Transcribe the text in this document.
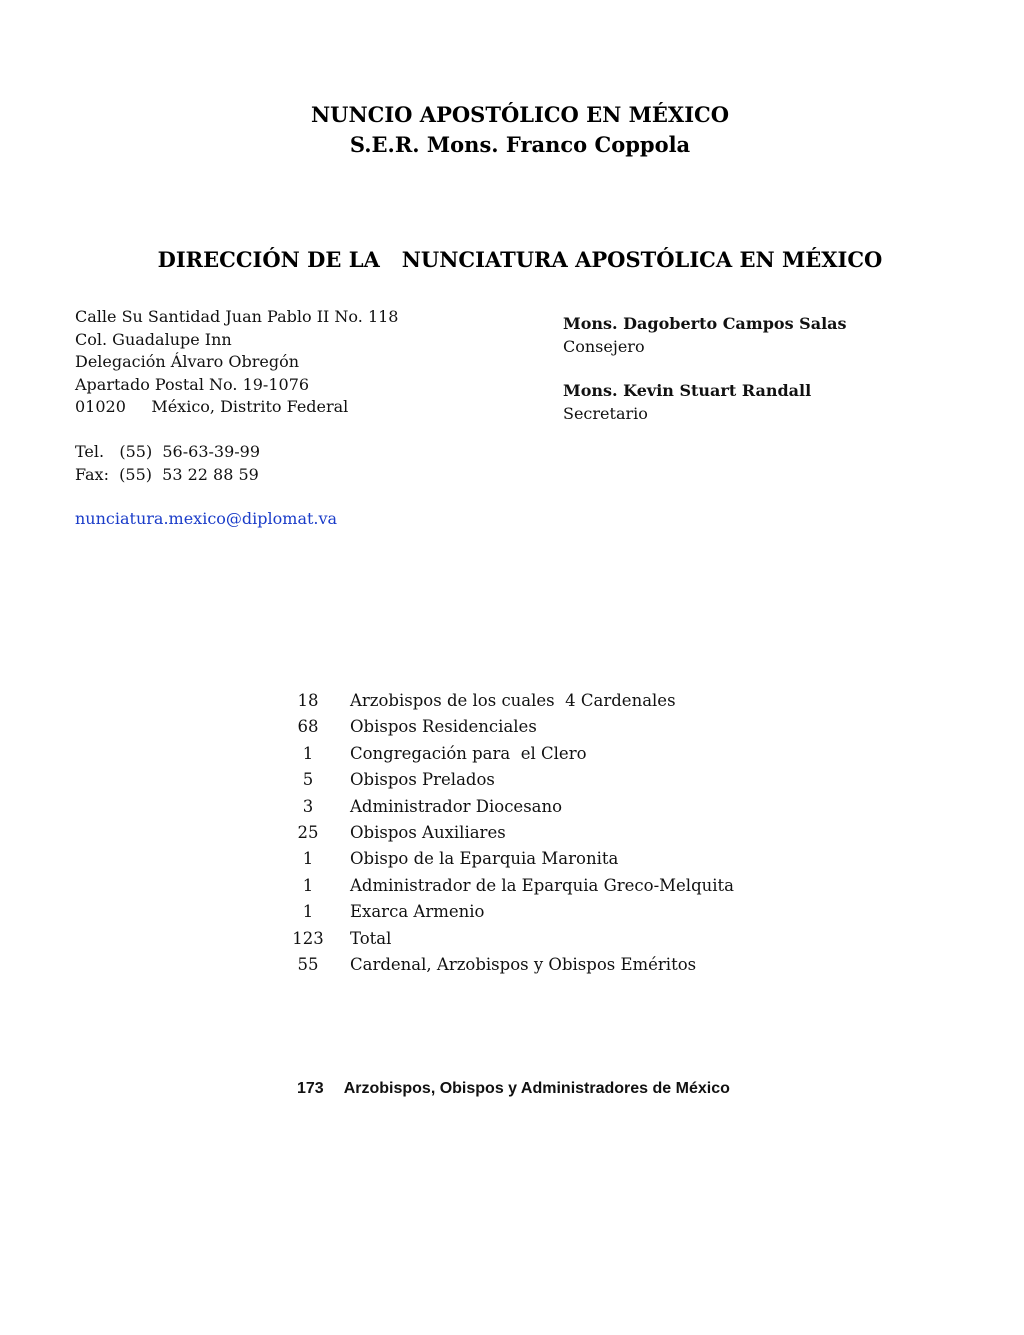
NUNCIO APOSTÓLICO EN MÉXICO
S.E.R. Mons. Franco Coppola
DIRECCIÓN DE LA   NUNCIATURA APOSTÓLICA EN MÉXICO
Calle Su Santidad Juan Pablo II No. 118
Col. Guadalupe Inn
Delegación Álvaro Obregón
Apartado Postal No. 19-1076
01020     México, Distrito Federal
Tel.   (55)  56-63-39-99
Fax:  (55)  53 22 88 59
nunciatura.mexico@diplomat.va
Mons. Dagoberto Campos Salas
Consejero
Mons. Kevin Stuart Randall
Secretario
18	Arzobispos de los cuales  4 Cardenales
68	Obispos Residenciales
1	Congregación para  el Clero
5	Obispos Prelados
3	Administrador Diocesano
25	Obispos Auxiliares
1	Obispo de la Eparquia Maronita
1	Administrador de la Eparquia Greco-Melquita
1	Exarca Armenio
123 Total
55	Cardenal, Arzobispos y Obispos Eméritos
173 Arzobispos, Obispos y Administradores de México
